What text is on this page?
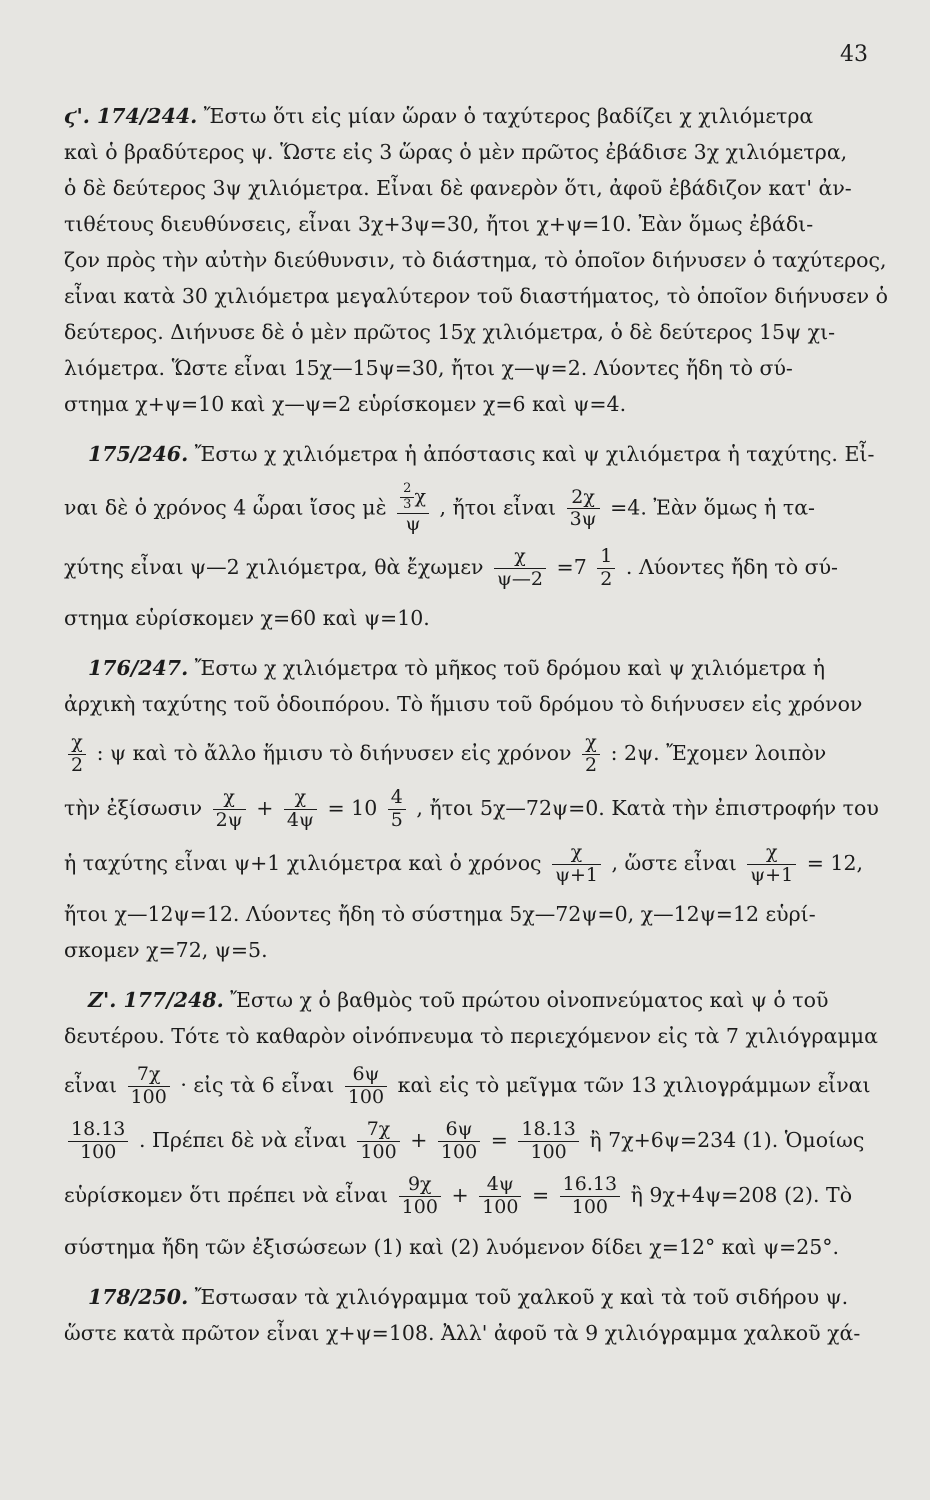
43
ϛ'. 174/244. Ἔστω ὅτι εἰς μίαν ὥραν ὁ ταχύτερος βαδίζει χ χιλιόμετρα
καὶ ὁ βραδύτερος ψ. Ὥστε εἰς 3 ὥρας ὁ μὲν πρῶτος ἐβάδισε 3χ χιλιόμετρα,
ὁ δὲ δεύτερος 3ψ χιλιόμετρα. Εἶναι δὲ φανερὸν ὅτι, ἀφοῦ ἐβάδιζον κατ' ἀν-
τιθέτους διευθύνσεις, εἶναι 3χ+3ψ=30, ἤτοι χ+ψ=10. Ἐὰν ὅμως ἐβάδι-
ζον πρὸς τὴν αὐτὴν διεύθυνσιν, τὸ διάστημα, τὸ ὁποῖον διήνυσεν ὁ ταχύτερος,
εἶναι κατὰ 30 χιλιόμετρα μεγαλύτερον τοῦ διαστήματος, τὸ ὁποῖον διήνυσεν ὁ
δεύτερος. Διήνυσε δὲ ὁ μὲν πρῶτος 15χ χιλιόμετρα, ὁ δὲ δεύτερος 15ψ χι-
λιόμετρα. Ὥστε εἶναι 15χ—15ψ=30, ἤτοι χ—ψ=2. Λύοντες ἤδη τὸ σύ-
στημα χ+ψ=10 καὶ χ—ψ=2 εὑρίσκομεν χ=6 καὶ ψ=4.
175/246. Ἔστω χ χιλιόμετρα ἡ ἀπόστασις καὶ ψ χιλιόμετρα ἡ ταχύτης. Εἶ-
ναι δὲ ὁ χρόνος 4 ὧραι ἴσος μὲ $\frac{\frac{2}{3} \chi}{\psi}$ , ἤτοι εἶναι $\frac{2\chi}{3\psi} =4$. Ἐὰν ὅμως ἡ τα-
χύτης εἶναι ψ—2 χιλιόμετρα, θὰ ἔχωμεν $\frac{\chi}{\psi—2} =7 \frac{1}{2}$ . Λύοντες ἤδη τὸ σύ-
στημα εὑρίσκομεν χ=60 καὶ ψ=10.
176/247. Ἔστω χ χιλιόμετρα τὸ μῆκος τοῦ δρόμου καὶ ψ χιλιόμετρα ἡ
ἀρχικὴ ταχύτης τοῦ ὁδοιπόρου. Τὸ ἥμισυ τοῦ δρόμου τὸ διήνυσεν εἰς χρόνον
$\frac{\chi}{2}$ : ψ καὶ τὸ ἄλλο ἥμισυ τὸ διήνυσεν εἰς χρόνον $\frac{\chi}{2}$ : 2ψ. Ἔχομεν λοιπὸν
τὴν ἐξίσωσιν $\frac{\chi}{2\psi} + \frac{\chi}{4\psi} = 10 \frac{4}{5}$ , ἤτοι 5χ—72ψ=0. Κατὰ τὴν ἐπιστροφήν του
ἡ ταχύτης εἶναι ψ+1 χιλιόμετρα καὶ ὁ χρόνος $\frac{\chi}{\psi+1}$ , ὥστε εἶναι $\frac{\chi}{\psi+1} = 12$,
ἤτοι χ—12ψ=12. Λύοντες ἤδη τὸ σύστημα 5χ—72ψ=0, χ—12ψ=12 εὑρί-
σκομεν χ=72, ψ=5.
Ζ'. 177/248. Ἔστω χ ὁ βαθμὸς τοῦ πρώτου οἰνοπνεύματος καὶ ψ ὁ τοῦ
δευτέρου. Τότε τὸ καθαρὸν οἰνόπνευμα τὸ περιεχόμενον εἰς τὰ 7 χιλιόγραμμα
εἶναι $\frac{7\chi}{100}$ · εἰς τὰ 6 εἶναι $\frac{6\psi}{100}$ καὶ εἰς τὸ μεῖγμα τῶν 13 χιλιογράμμων εἶναι
$\frac{18.13}{100}$ . Πρέπει δὲ νὰ εἶναι $\frac{7\chi}{100} + \frac{6\psi}{100} = \frac{18.13}{100}$ ἢ 7χ+6ψ=234 (1). Ὁμοίως
εὑρίσκομεν ὅτι πρέπει νὰ εἶναι $\frac{9\chi}{100} + \frac{4\psi}{100} = \frac{16.13}{100}$ ἢ 9χ+4ψ=208 (2). Τὸ
σύστημα ἤδη τῶν ἐξισώσεων (1) καὶ (2) λυόμενον δίδει χ=12° καὶ ψ=25°.
178/250. Ἔστωσαν τὰ χιλιόγραμμα τοῦ χαλκοῦ χ καὶ τὰ τοῦ σιδήρου ψ.
ὥστε κατὰ πρῶτον εἶναι χ+ψ=108. Ἀλλ' ἀφοῦ τὰ 9 χιλιόγραμμα χαλκοῦ χά-
